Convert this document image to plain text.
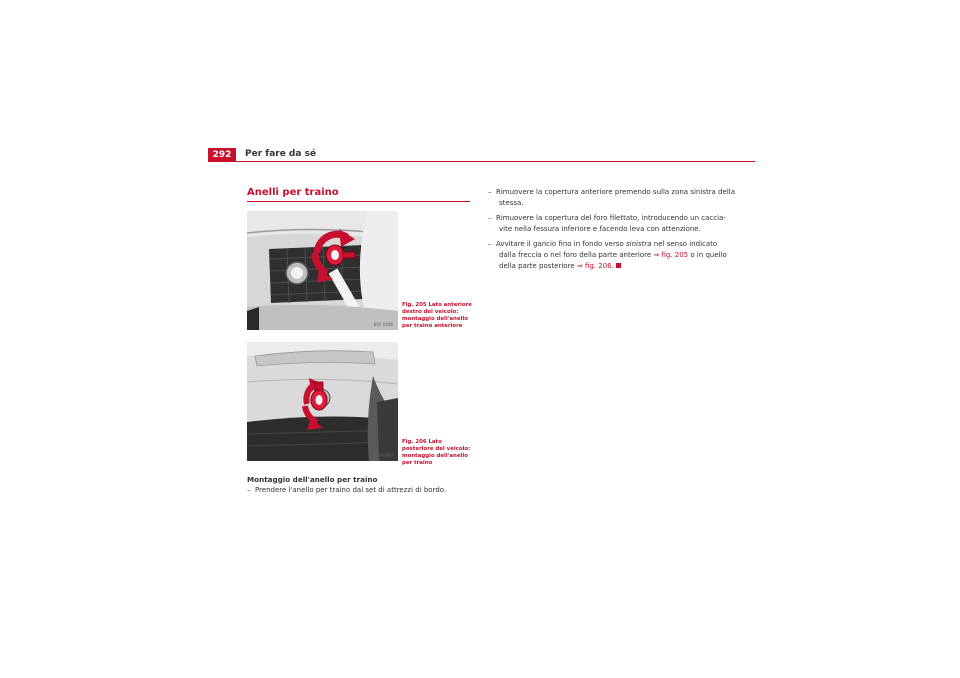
292	Per fare da sé
Anelli per traino
B5F-0406
Fig. 205 Lato anteriore destro del veicolo: montaggio dell'anello per traino anteriore
B5F-0407
Fig. 206 Lato posteriore del veicolo: montaggio dell'anello per traino
Montaggio dell'anello per traino
– Prendere l'anello per traino dal set di attrezzi di bordo.
– Rimuovere la copertura anteriore premendo sulla zona sinistra della stessa.
– Rimuovere la copertura del foro filettato, introducendo un caccia-vite nella fessura inferiore e facendo leva con attenzione.
– Avvitare il gancio fino in fondo verso sinistra nel senso indicato dalla freccia o nel foro della parte anteriore ⇒ fig. 205 o in quello della parte posteriore ⇒ fig. 206.
